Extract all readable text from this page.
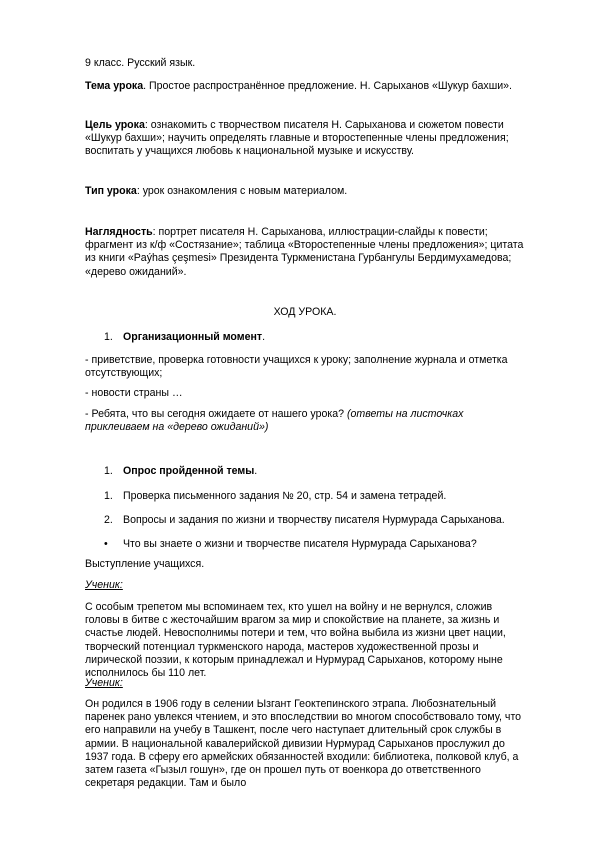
9 класс. Русский язык.

Тема урока. Простое распространённое предложение. Н. Сарыханов «Шукур бахши».

Цель урока: ознакомить с творчеством писателя Н. Сарыханова и сюжетом повести «Шукур бахши»; научить определять главные и второстепенные члены предложения; воспитать у учащихся любовь к национальной музыке и искусству.

Тип урока: урок ознакомления с новым материалом.

Наглядность: портрет писателя Н. Сарыханова, иллюстрации-слайды к повести; фрагмент из к/ф «Состязание»; таблица «Второстепенные члены предложения»; цитата из книги «Paýhas çeşmesi» Президента Туркменистана Гурбангулы Бердимухамедова; «дерево ожиданий».

ХОД УРОКА.

1. Организационный момент.

- приветствие, проверка готовности учащихся к уроку; заполнение журнала и отметка отсутствующих;

- новости страны …

- Ребята, что вы сегодня ожидаете от нашего урока? (ответы на листочках приклеиваем на «дерево ожиданий»)

1. Опрос пройденной темы.

1. Проверка письменного задания № 20, стр. 54 и замена тетрадей.

2. Вопросы и задания по жизни и творчеству писателя Нурмурада Сарыханова.

• Что вы знаете о жизни и творчестве писателя Нурмурада Сарыханова?

Выступление учащихся.

Ученик:

С особым трепетом мы вспоминаем тех, кто ушел на войну и не вернулся, сложив головы в битве с жесточайшим врагом за мир и спокойствие на планете, за жизнь и счастье людей. Невосполнимы потери и тем, что война выбила из жизни цвет нации, творческий потенциал туркменского народа, мастеров художественной прозы и лирической поэзии, к которым принадлежал и Нурмурад Сарыханов, которому ныне исполнилось бы 110 лет.

Ученик:

Он родился в 1906 году в селении Ызгант Геоктепинского этрапа. Любознательный паренек рано увлекся чтением, и это впоследствии во многом способствовало тому, что его направили на учебу в Ташкент, после чего наступает длительный срок службы в армии. В национальной кавалерийской дивизии Нурмурад Сарыханов прослужил до 1937 года. В сферу его армейских обязанностей входили: библиотека, полковой клуб, а затем газета «Гызыл гошун», где он прошел путь от военкора до ответственного секретаря редакции. Там и было
